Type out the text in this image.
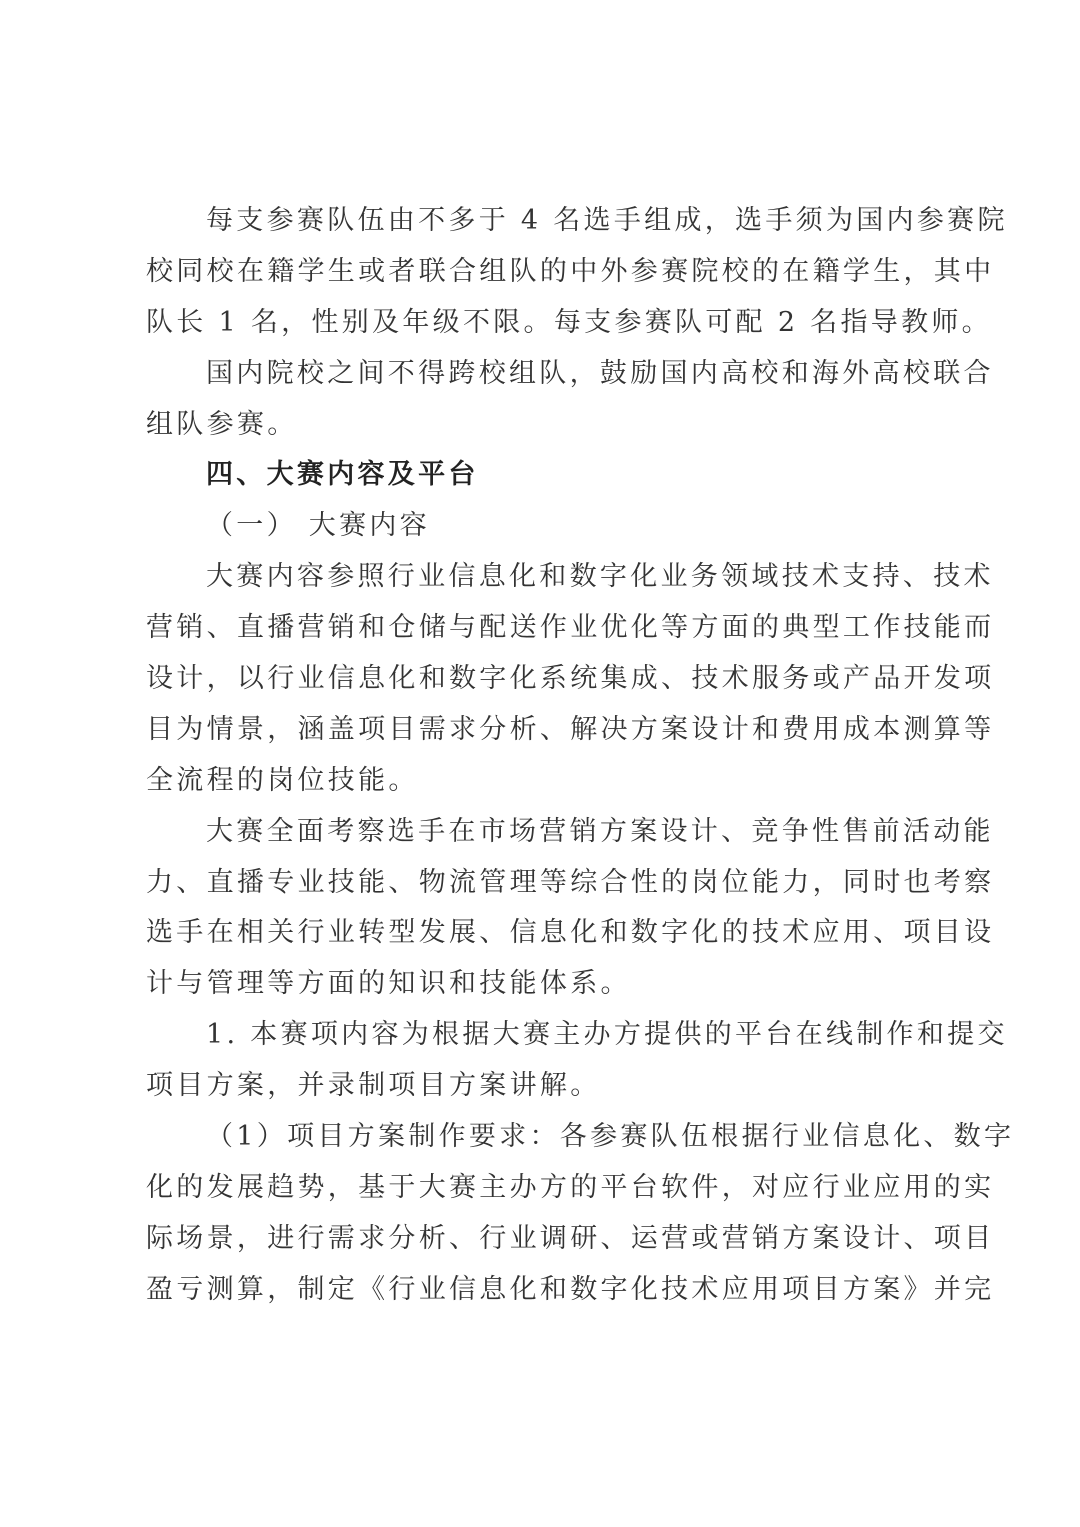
每支参赛队伍由不多于 4 名选手组成，选手须为国内参赛院
校同校在籍学生或者联合组队的中外参赛院校的在籍学生，其中
队长 1 名，性别及年级不限。每支参赛队可配 2 名指导教师。
国内院校之间不得跨校组队，鼓励国内高校和海外高校联合
组队参赛。
四、大赛内容及平台
（一） 大赛内容
大赛内容参照行业信息化和数字化业务领域技术支持、技术
营销、直播营销和仓储与配送作业优化等方面的典型工作技能而
设计，以行业信息化和数字化系统集成、技术服务或产品开发项
目为情景，涵盖项目需求分析、解决方案设计和费用成本测算等
全流程的岗位技能。
大赛全面考察选手在市场营销方案设计、竞争性售前活动能
力、直播专业技能、物流管理等综合性的岗位能力，同时也考察
选手在相关行业转型发展、信息化和数字化的技术应用、项目设
计与管理等方面的知识和技能体系。
1. 本赛项内容为根据大赛主办方提供的平台在线制作和提交
项目方案，并录制项目方案讲解。
（1）项目方案制作要求：各参赛队伍根据行业信息化、数字
化的发展趋势，基于大赛主办方的平台软件，对应行业应用的实
际场景，进行需求分析、行业调研、运营或营销方案设计、项目
盈亏测算，制定《行业信息化和数字化技术应用项目方案》并完
